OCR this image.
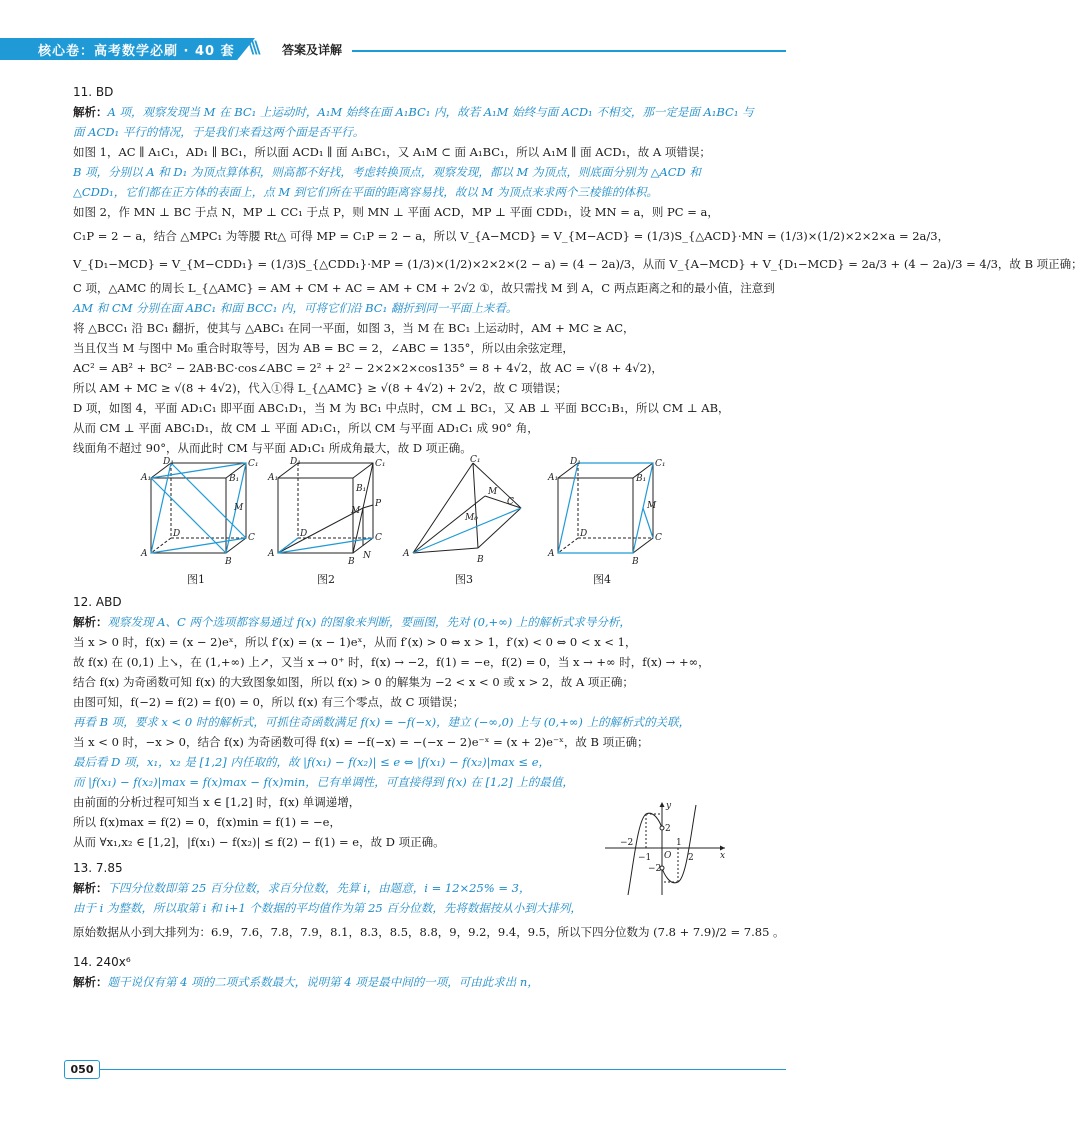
核心卷：高考数学必刷 · 40 套 \\\ 答案及详解
11. BD
解析：A 项，观察发现当 M 在 BC₁ 上运动时，A₁M 始终在面 A₁BC₁ 内，故若 A₁M 始终与面 ACD₁ 不相交，那一定是面 A₁BC₁ 与
面 ACD₁ 平行的情况，于是我们来看这两个面是否平行。
如图 1，AC ∥ A₁C₁，AD₁ ∥ BC₁，所以面 ACD₁ ∥ 面 A₁BC₁，又 A₁M ⊂ 面 A₁BC₁，所以 A₁M ∥ 面 ACD₁，故 A 项错误；
B 项，分别以 A 和 D₁ 为顶点算体积，则高都不好找，考虑转换顶点，观察发现，都以 M 为顶点，则底面分别为 △ACD 和
△CDD₁，它们都在正方体的表面上，点 M 到它们所在平面的距离容易找，故以 M 为顶点来求两个三棱锥的体积。
如图 2，作 MN ⊥ BC 于点 N，MP ⊥ CC₁ 于点 P，则 MN ⊥ 平面 ACD，MP ⊥ 平面 CDD₁，设 MN = a，则 PC = a，
C₁P = 2 − a，结合 △MPC₁ 为等腰 Rt△ 可得 MP = C₁P = 2 − a，所以 V_{A−MCD} = V_{M−ACD} = (1/3)S_{△ACD}·MN = (1/3)×(1/2)×2×2×a = 2a/3，
V_{D₁−MCD} = V_{M−CDD₁} = (1/3)S_{△CDD₁}·MP = (1/3)×(1/2)×2×2×(2 − a) = (4 − 2a)/3，从而 V_{A−MCD} + V_{D₁−MCD} = 2a/3 + (4 − 2a)/3 = 4/3，故 B 项正确；
C 项，△AMC 的周长 L_{△AMC} = AM + CM + AC = AM + CM + 2√2 ①，故只需找 M 到 A，C 两点距离之和的最小值，注意到
AM 和 CM 分别在面 ABC₁ 和面 BCC₁ 内，可将它们沿 BC₁ 翻折到同一平面上来看。
将 △BCC₁ 沿 BC₁ 翻折，使其与 △ABC₁ 在同一平面，如图 3，当 M 在 BC₁ 上运动时，AM + MC ≥ AC，
当且仅当 M 与图中 M₀ 重合时取等号，因为 AB = BC = 2，∠ABC = 135°，所以由余弦定理，
AC² = AB² + BC² − 2AB·BC·cos∠ABC = 2² + 2² − 2×2×2×cos135° = 8 + 4√2，故 AC = √(8 + 4√2)，
所以 AM + MC ≥ √(8 + 4√2)，代入①得 L_{△AMC} ≥ √(8 + 4√2) + 2√2，故 C 项错误；
D 项，如图 4，平面 AD₁C₁ 即平面 ABC₁D₁，当 M 为 BC₁ 中点时，CM ⊥ BC₁，又 AB ⊥ 平面 BCC₁B₁，所以 CM ⊥ AB，
从而 CM ⊥ 平面 ABC₁D₁，故 CM ⊥ 平面 AD₁C₁，所以 CM 与平面 AD₁C₁ 成 90° 角，
线面角不超过 90°，从而此时 CM 与平面 AD₁C₁ 所成角最大，故 D 项正确。
D₁	C₁
A₁	B₁
M
D	C
A
B
D₁	C₁
A₁
B₁
M
P
D	C
A
B
N
C₁
M
M₀
C
A
B
D₁	C₁
A₁	B₁
M
D	C
A
B
图1	图2	图3	图4
12. ABD
解析：观察发现 A、C 两个选项都容易通过 f(x) 的图象来判断，要画图，先对 (0,+∞) 上的解析式求导分析，
当 x > 0 时，f(x) = (x − 2)eˣ，所以 f′(x) = (x − 1)eˣ，从而 f′(x) > 0 ⇔ x > 1，f′(x) < 0 ⇔ 0 < x < 1，
故 f(x) 在 (0,1) 上↘，在 (1,+∞) 上↗，又当 x → 0⁺ 时，f(x) → −2，f(1) = −e，f(2) = 0，当 x → +∞ 时，f(x) → +∞，
结合 f(x) 为奇函数可知 f(x) 的大致图象如图，所以 f(x) > 0 的解集为 −2 < x < 0 或 x > 2，故 A 项正确；
由图可知，f(−2) = f(2) = f(0) = 0，所以 f(x) 有三个零点，故 C 项错误；
再看 B 项，要求 x < 0 时的解析式，可抓住奇函数满足 f(x) = −f(−x)，建立 (−∞,0) 上与 (0,+∞) 上的解析式的关联，
当 x < 0 时，−x > 0，结合 f(x) 为奇函数可得 f(x) = −f(−x) = −(−x − 2)e⁻ˣ = (x + 2)e⁻ˣ，故 B 项正确；
最后看 D 项，x₁，x₂ 是 [1,2] 内任取的，故 |f(x₁) − f(x₂)| ≤ e ⇔ |f(x₁) − f(x₂)|max ≤ e，
而 |f(x₁) − f(x₂)|max = f(x)max − f(x)min，已有单调性，可直接得到 f(x) 在 [1,2] 上的最值，
由前面的分析过程可知当 x ∈ [1,2] 时，f(x) 单调递增，
所以 f(x)max = f(2) = 0，f(x)min = f(1) = −e，
从而 ∀x₁,x₂ ∈ [1,2]，|f(x₁) − f(x₂)| ≤ f(2) − f(1) = e，故 D 项正确。
13. 7.85
解析：下四分位数即第 25 百分位数，求百分位数，先算 i，由题意，i = 12×25% = 3，
由于 i 为整数，所以取第 i 和 i+1 个数据的平均值作为第 25 百分位数，先将数据按从小到大排列，
原始数据从小到大排列为：6.9，7.6，7.8，7.9，8.1，8.3，8.5，8.8，9，9.2，9.4，9.5，所以下四分位数为 (7.8 + 7.9)/2 = 7.85 。
14. 240x⁶
解析：题干说仅有第 4 项的二项式系数最大，说明第 4 项是最中间的一项，可由此求出 n，
y
x
O
−2
−1
1
2
2
−2
050
